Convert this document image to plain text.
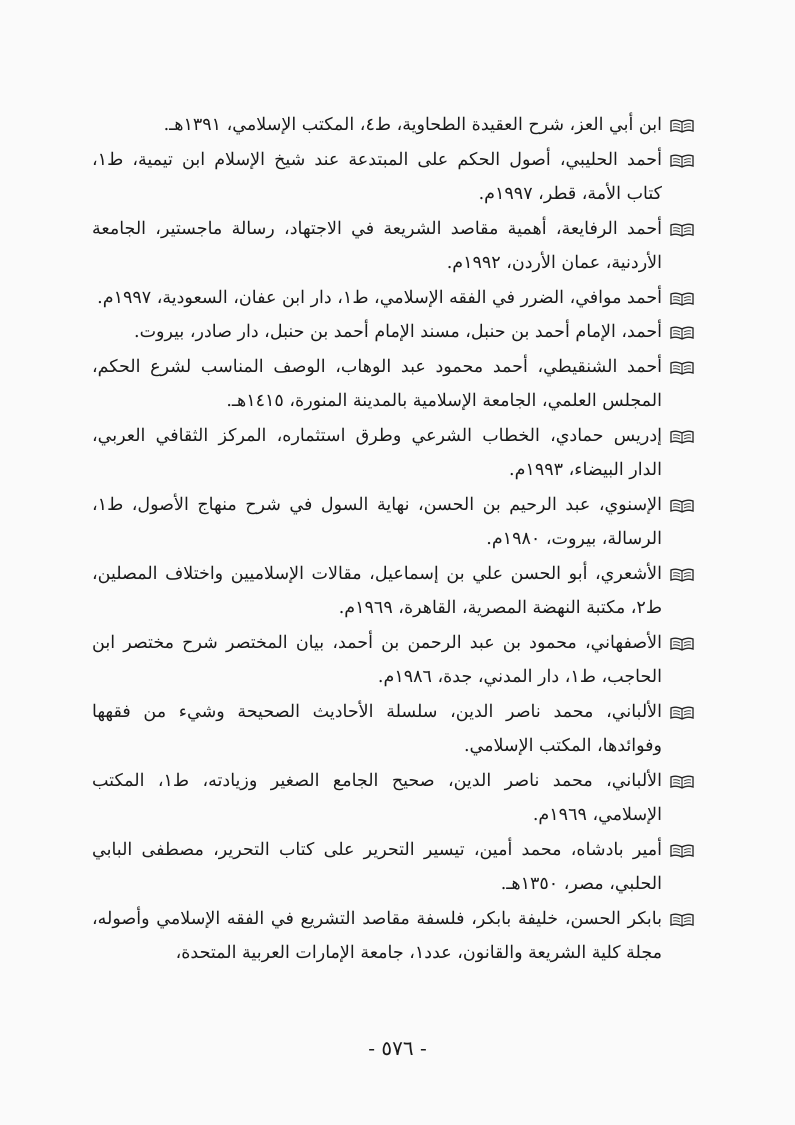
ابن أبي العز، شرح العقيدة الطحاوية، ط٤، المكتب الإسلامي، ١٣٩١هـ.
أحمد الحليبي، أصول الحكم على المبتدعة عند شيخ الإسلام ابن تيمية، ط١، كتاب الأمة، قطر، ١٩٩٧م.
أحمد الرفايعة، أهمية مقاصد الشريعة في الاجتهاد، رسالة ماجستير، الجامعة الأردنية، عمان الأردن، ١٩٩٢م.
أحمد موافي، الضرر في الفقه الإسلامي، ط١، دار ابن عفان، السعودية، ١٩٩٧م.
أحمد، الإمام أحمد بن حنبل، مسند الإمام أحمد بن حنبل، دار صادر، بيروت.
أحمد الشنقيطي، أحمد محمود عبد الوهاب، الوصف المناسب لشرع الحكم، المجلس العلمي، الجامعة الإسلامية بالمدينة المنورة، ١٤١٥هـ.
إدريس حمادي، الخطاب الشرعي وطرق استثماره، المركز الثقافي العربي، الدار البيضاء، ١٩٩٣م.
الإسنوي، عبد الرحيم بن الحسن، نهاية السول في شرح منهاج الأصول، ط١، الرسالة، بيروت، ١٩٨٠م.
الأشعري، أبو الحسن علي بن إسماعيل، مقالات الإسلاميين واختلاف المصلين، ط٢، مكتبة النهضة المصرية، القاهرة، ١٩٦٩م.
الأصفهاني، محمود بن عبد الرحمن بن أحمد، بيان المختصر شرح مختصر ابن الحاجب، ط١، دار المدني، جدة، ١٩٨٦م.
الألباني، محمد ناصر الدين، سلسلة الأحاديث الصحيحة وشيء من فقهها وفوائدها، المكتب الإسلامي.
الألباني، محمد ناصر الدين، صحيح الجامع الصغير وزيادته، ط١، المكتب الإسلامي، ١٩٦٩م.
أمير بادشاه، محمد أمين، تيسير التحرير على كتاب التحرير، مصطفى البابي الحلبي، مصر، ١٣٥٠هـ.
بابكر الحسن، خليفة بابكر، فلسفة مقاصد التشريع في الفقه الإسلامي وأصوله، مجلة كلية الشريعة والقانون، عدد١، جامعة الإمارات العربية المتحدة،
- ٥٧٦ -
